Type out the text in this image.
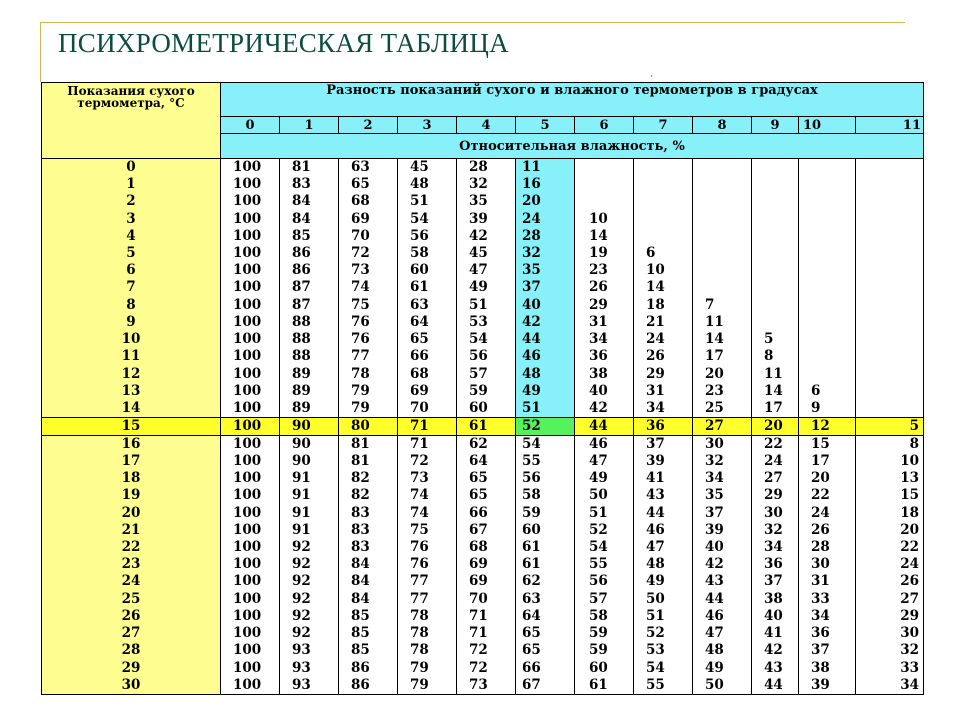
ПСИХРОМЕТРИЧЕСКАЯ ТАБЛИЦА
'
Показания сухого термометра, °С	Разность показаний сухого и влажного термометров в градусах											
	0	1	2	3	4	5	6	7	8	9	10	11
	Относительная влажность, %											
0	100	81	63	45	28	11						
1	100	83	65	48	32	16						
2	100	84	68	51	35	20						
3	100	84	69	54	39	24	10					
4	100	85	70	56	42	28	14					
5	100	86	72	58	45	32	19	6				
6	100	86	73	60	47	35	23	10				
7	100	87	74	61	49	37	26	14				
8	100	87	75	63	51	40	29	18	7			
9	100	88	76	64	53	42	31	21	11			
10	100	88	76	65	54	44	34	24	14	5		
11	100	88	77	66	56	46	36	26	17	8		
12	100	89	78	68	57	48	38	29	20	11		
13	100	89	79	69	59	49	40	31	23	14	6	
14	100	89	79	70	60	51	42	34	25	17	9	
15	100	90	80	71	61	52	44	36	27	20	12	5
16	100	90	81	71	62	54	46	37	30	22	15	8
17	100	90	81	72	64	55	47	39	32	24	17	10
18	100	91	82	73	65	56	49	41	34	27	20	13
19	100	91	82	74	65	58	50	43	35	29	22	15
20	100	91	83	74	66	59	51	44	37	30	24	18
21	100	91	83	75	67	60	52	46	39	32	26	20
22	100	92	83	76	68	61	54	47	40	34	28	22
23	100	92	84	76	69	61	55	48	42	36	30	24
24	100	92	84	77	69	62	56	49	43	37	31	26
25	100	92	84	77	70	63	57	50	44	38	33	27
26	100	92	85	78	71	64	58	51	46	40	34	29
27	100	92	85	78	71	65	59	52	47	41	36	30
28	100	93	85	78	72	65	59	53	48	42	37	32
29	100	93	86	79	72	66	60	54	49	43	38	33
30	100	93	86	79	73	67	61	55	50	44	39	34
